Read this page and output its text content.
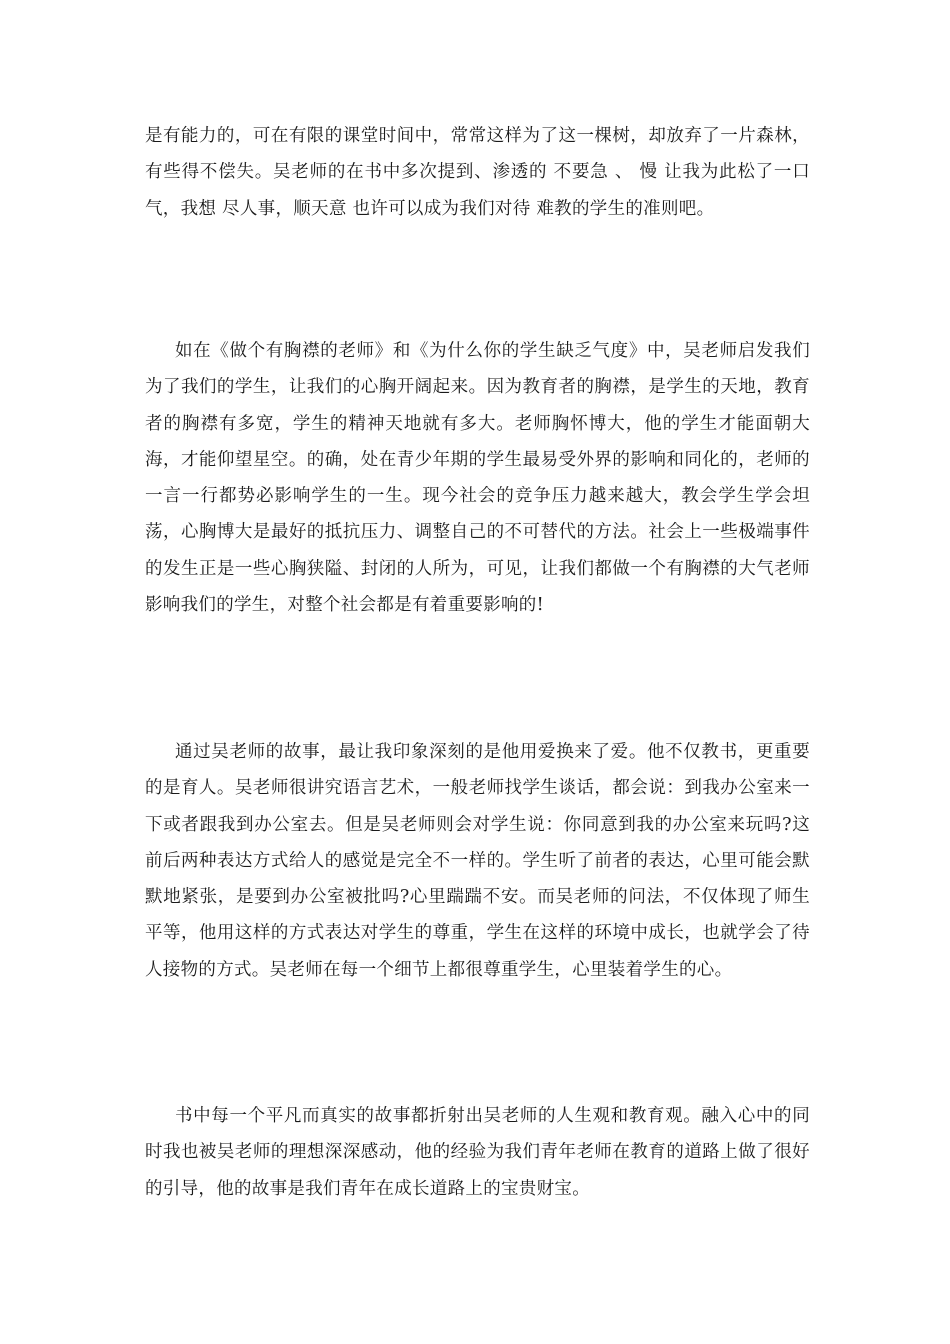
是有能力的，可在有限的课堂时间中，常常这样为了这一棵树，却放弃了一片森林，有些得不偿失。吴老师的在书中多次提到、渗透的 不要急 、 慢 让我为此松了一口气，我想 尽人事，顺天意 也许可以成为我们对待 难教的学生的准则吧。

如在《做个有胸襟的老师》和《为什么你的学生缺乏气度》中，吴老师启发我们为了我们的学生，让我们的心胸开阔起来。因为教育者的胸襟，是学生的天地，教育者的胸襟有多宽，学生的精神天地就有多大。老师胸怀博大，他的学生才能面朝大海，才能仰望星空。的确，处在青少年期的学生最易受外界的影响和同化的，老师的一言一行都势必影响学生的一生。现今社会的竞争压力越来越大，教会学生学会坦荡，心胸博大是最好的抵抗压力、调整自己的不可替代的方法。社会上一些极端事件的发生正是一些心胸狭隘、封闭的人所为，可见，让我们都做一个有胸襟的大气老师影响我们的学生，对整个社会都是有着重要影响的!

通过吴老师的故事，最让我印象深刻的是他用爱换来了爱。他不仅教书，更重要的是育人。吴老师很讲究语言艺术，一般老师找学生谈话，都会说：到我办公室来一下或者跟我到办公室去。但是吴老师则会对学生说：你同意到我的办公室来玩吗?这前后两种表达方式给人的感觉是完全不一样的。学生听了前者的表达，心里可能会默默地紧张，是要到办公室被批吗?心里踹踹不安。而吴老师的问法，不仅体现了师生平等，他用这样的方式表达对学生的尊重，学生在这样的环境中成长，也就学会了待人接物的方式。吴老师在每一个细节上都很尊重学生，心里装着学生的心。

书中每一个平凡而真实的故事都折射出吴老师的人生观和教育观。融入心中的同时我也被吴老师的理想深深感动，他的经验为我们青年老师在教育的道路上做了很好的引导，他的故事是我们青年在成长道路上的宝贵财宝。
